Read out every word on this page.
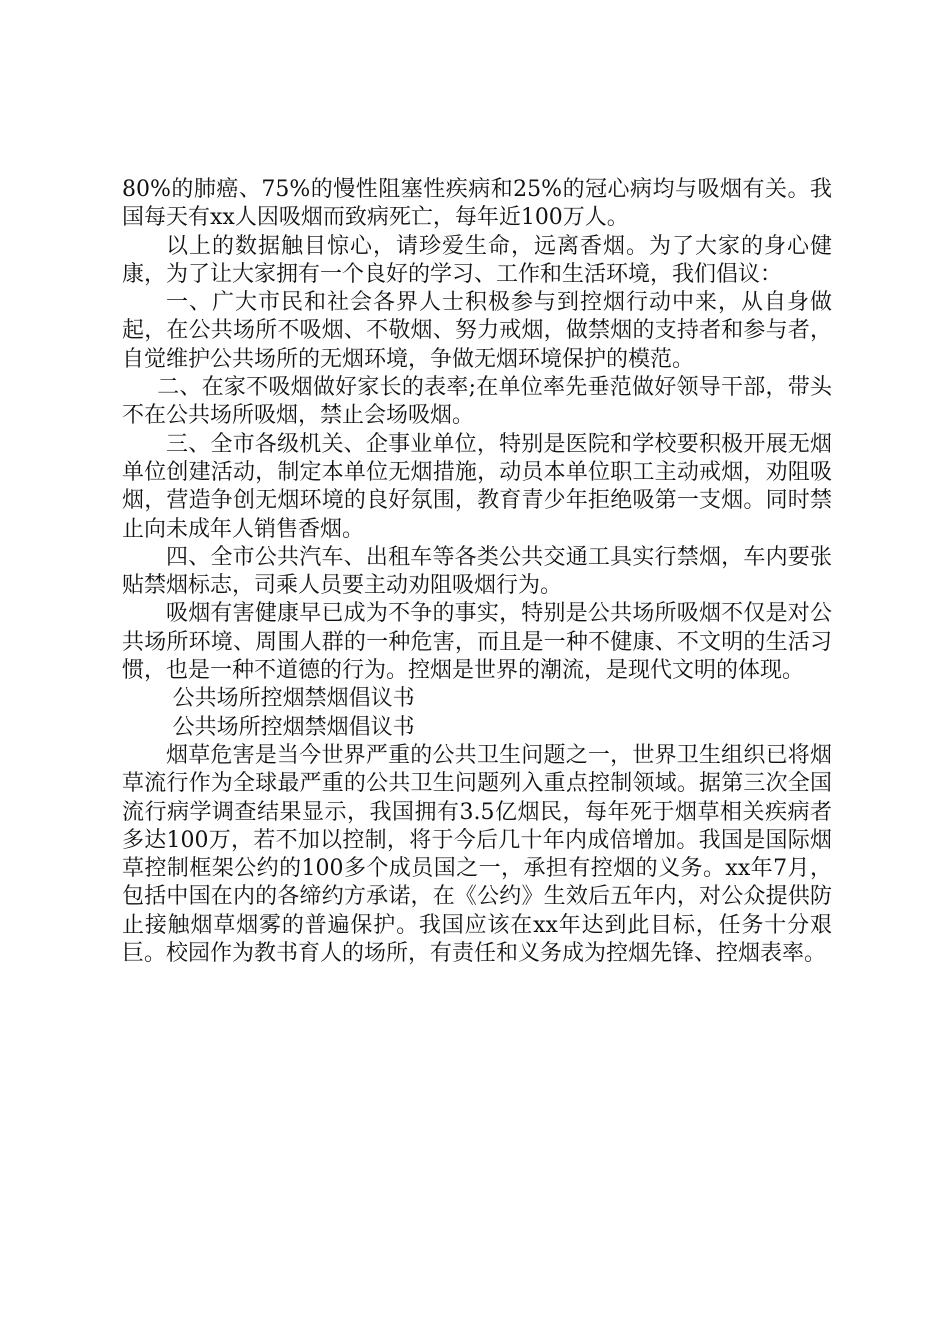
80%的肺癌、75%的慢性阻塞性疾病和25%的冠心病均与吸烟有关。我国每天有xx人因吸烟而致病死亡，每年近100万人。

以上的数据触目惊心，请珍爱生命，远离香烟。为了大家的身心健康，为了让大家拥有一个良好的学习、工作和生活环境，我们倡议：

一、广大市民和社会各界人士积极参与到控烟行动中来，从自身做起，在公共场所不吸烟、不敬烟、努力戒烟，做禁烟的支持者和参与者，自觉维护公共场所的无烟环境，争做无烟环境保护的模范。

二、在家不吸烟做好家长的表率;在单位率先垂范做好领导干部，带头不在公共场所吸烟，禁止会场吸烟。

三、全市各级机关、企事业单位，特别是医院和学校要积极开展无烟单位创建活动，制定本单位无烟措施，动员本单位职工主动戒烟，劝阻吸烟，营造争创无烟环境的良好氛围，教育青少年拒绝吸第一支烟。同时禁止向未成年人销售香烟。

四、全市公共汽车、出租车等各类公共交通工具实行禁烟，车内要张贴禁烟标志，司乘人员要主动劝阻吸烟行为。

吸烟有害健康早已成为不争的事实，特别是公共场所吸烟不仅是对公共场所环境、周围人群的一种危害，而且是一种不健康、不文明的生活习惯，也是一种不道德的行为。控烟是世界的潮流，是现代文明的体现。

公共场所控烟禁烟倡议书

公共场所控烟禁烟倡议书

烟草危害是当今世界严重的公共卫生问题之一，世界卫生组织已将烟草流行作为全球最严重的公共卫生问题列入重点控制领域。据第三次全国流行病学调查结果显示，我国拥有3.5亿烟民，每年死于烟草相关疾病者多达100万，若不加以控制，将于今后几十年内成倍增加。我国是国际烟草控制框架公约的100多个成员国之一，承担有控烟的义务。xx年7月，包括中国在内的各缔约方承诺，在《公约》生效后五年内，对公众提供防止接触烟草烟雾的普遍保护。我国应该在xx年达到此目标，任务十分艰巨。校园作为教书育人的场所，有责任和义务成为控烟先锋、控烟表率。
